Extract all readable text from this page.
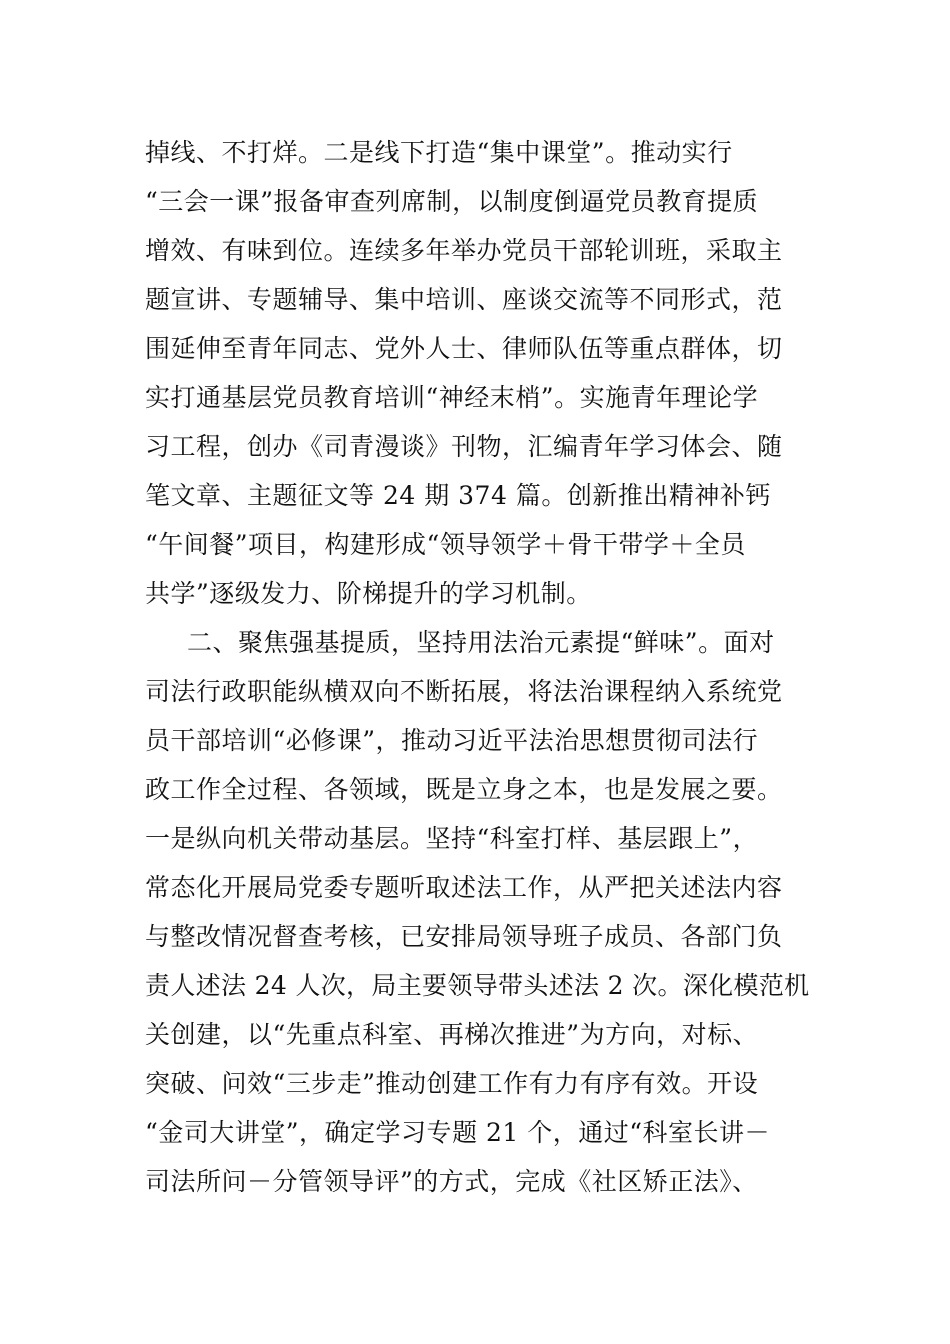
掉线、不打烊。二是线下打造“集中课堂”。推动实行
“三会一课”报备审查列席制，以制度倒逼党员教育提质
增效、有味到位。连续多年举办党员干部轮训班，采取主
题宣讲、专题辅导、集中培训、座谈交流等不同形式，范
围延伸至青年同志、党外人士、律师队伍等重点群体，切
实打通基层党员教育培训“神经末梢”。实施青年理论学
习工程，创办《司青漫谈》刊物，汇编青年学习体会、随
笔文章、主题征文等 24 期 374 篇。创新推出精神补钙
“午间餐”项目，构建形成“领导领学＋骨干带学＋全员
共学”逐级发力、阶梯提升的学习机制。
二、聚焦强基提质，坚持用法治元素提“鲜味”。面对
司法行政职能纵横双向不断拓展，将法治课程纳入系统党
员干部培训“必修课”，推动习近平法治思想贯彻司法行
政工作全过程、各领域，既是立身之本，也是发展之要。
一是纵向机关带动基层。坚持“科室打样、基层跟上”，
常态化开展局党委专题听取述法工作，从严把关述法内容
与整改情况督查考核，已安排局领导班子成员、各部门负
责人述法 24 人次，局主要领导带头述法 2 次。深化模范机
关创建，以“先重点科室、再梯次推进”为方向，对标、
突破、问效“三步走”推动创建工作有力有序有效。开设
“金司大讲堂”，确定学习专题 21 个，通过“科室长讲－
司法所问－分管领导评”的方式，完成《社区矫正法》、
